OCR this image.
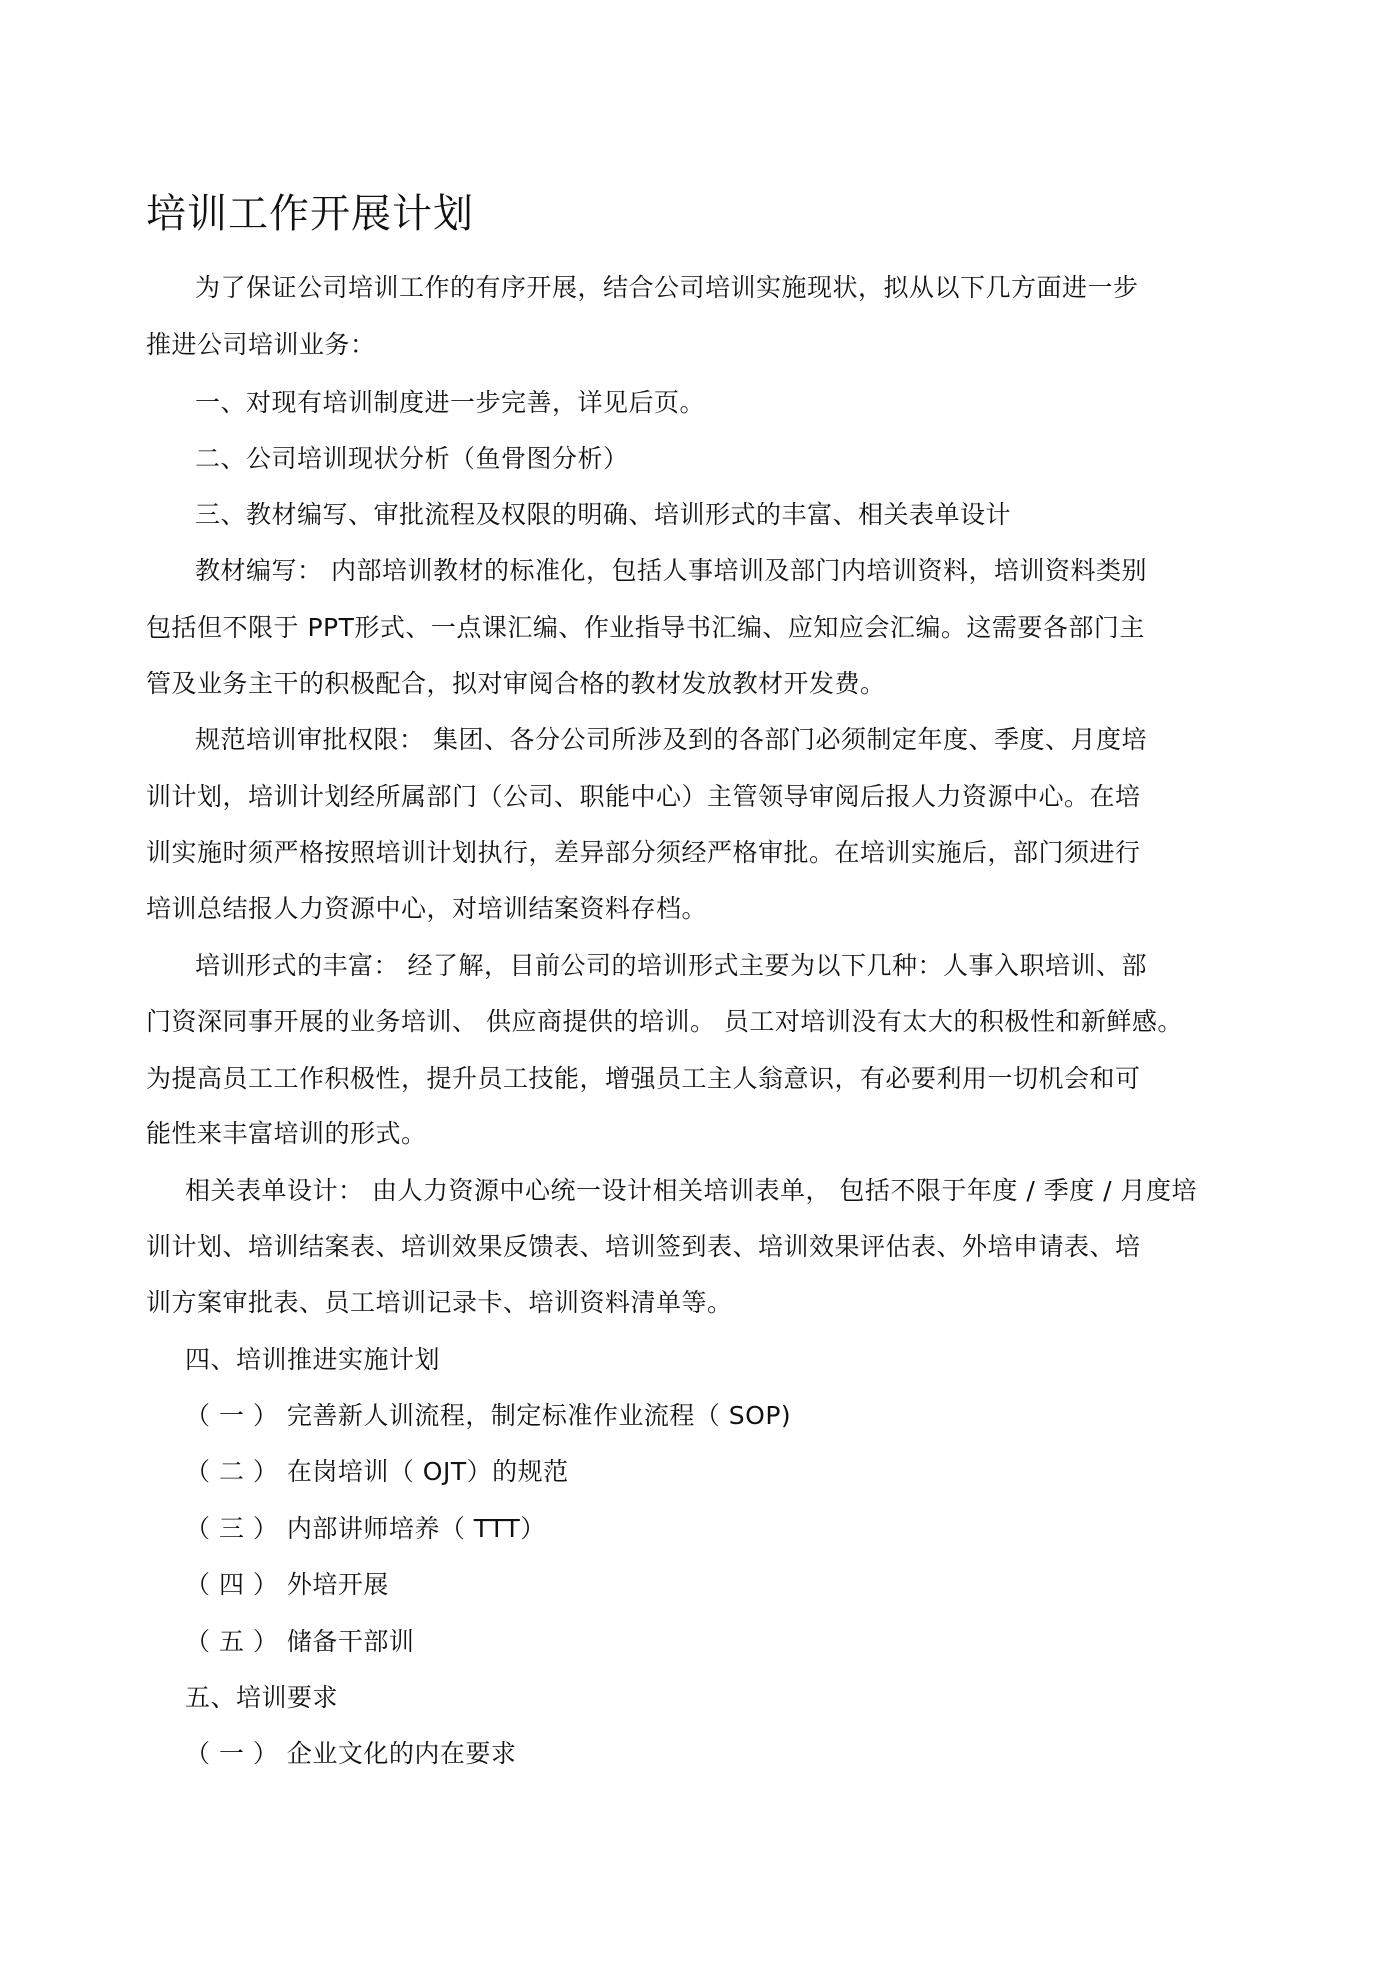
培训工作开展计划
为了保证公司培训工作的有序开展，结合公司培训实施现状，拟从以下几方面进一步
推进公司培训业务：
一、对现有培训制度进一步完善，详见后页。
二、公司培训现状分析（鱼骨图分析）
三、教材编写、审批流程及权限的明确、培训形式的丰富、相关表单设计
教材编写： 内部培训教材的标准化，包括人事培训及部门内培训资料，培训资料类别
包括但不限于 PPT形式、一点课汇编、作业指导书汇编、应知应会汇编。这需要各部门主
管及业务主干的积极配合，拟对审阅合格的教材发放教材开发费。
规范培训审批权限： 集团、各分公司所涉及到的各部门必须制定年度、季度、月度培
训计划，培训计划经所属部门（公司、职能中心）主管领导审阅后报人力资源中心。在培
训实施时须严格按照培训计划执行，差异部分须经严格审批。在培训实施后，部门须进行
培训总结报人力资源中心，对培训结案资料存档。
培训形式的丰富： 经了解，目前公司的培训形式主要为以下几种：人事入职培训、部
门资深同事开展的业务培训、 供应商提供的培训。 员工对培训没有太大的积极性和新鲜感。
为提高员工工作积极性，提升员工技能，增强员工主人翁意识，有必要利用一切机会和可
能性来丰富培训的形式。
相关表单设计： 由人力资源中心统一设计相关培训表单， 包括不限于年度 / 季度 / 月度培
训计划、培训结案表、培训效果反馈表、培训签到表、培训效果评估表、外培申请表、培
训方案审批表、员工培训记录卡、培训资料清单等。
四、培训推进实施计划
（ 一 ） 完善新人训流程，制定标准作业流程（ SOP)
（ 二 ） 在岗培训（ OJT）的规范
（ 三 ） 内部讲师培养（ TTT）
（ 四 ） 外培开展
（ 五 ） 储备干部训
五、培训要求
（ 一 ） 企业文化的内在要求
